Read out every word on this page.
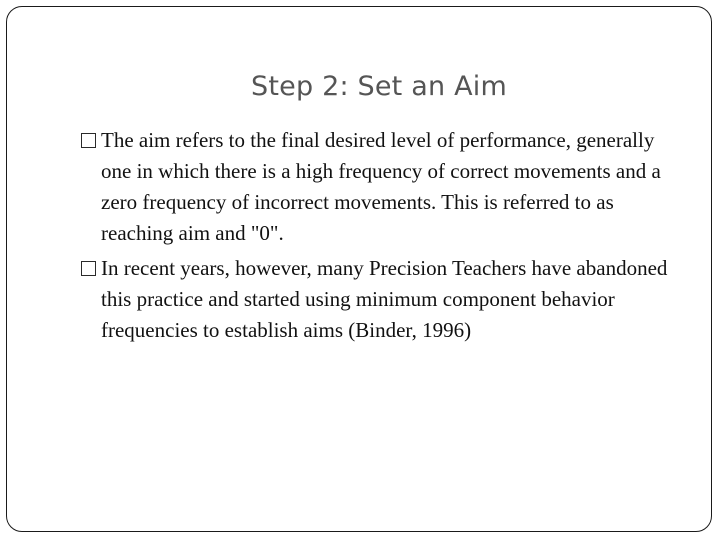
Step 2: Set an Aim
The aim refers to the final desired level of performance, generally one in which there is a high frequency of correct movements and a zero frequency of incorrect movements. This is referred to as reaching aim and "0".
In recent years, however, many Precision Teachers have abandoned this practice and started using minimum component behavior frequencies to establish aims (Binder, 1996)
